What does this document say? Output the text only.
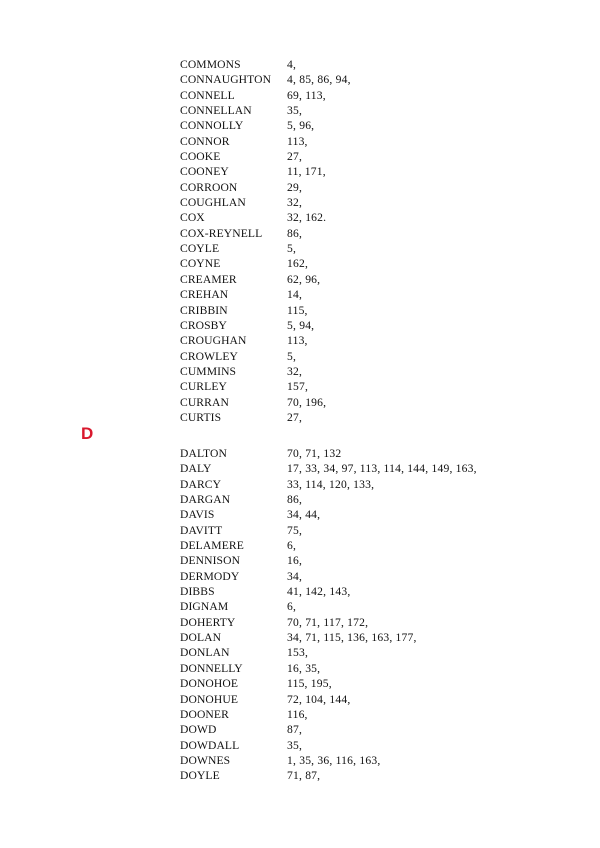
COMMONS	4,
CONNAUGHTON 4, 85, 86, 94,
CONNELL	69, 113,
CONNELLAN	35,
CONNOLLY	5, 96,
CONNOR	113,
COOKE	27,
COONEY	11, 171,
CORROON	29,
COUGHLAN	32,
COX	32, 162.
COX-REYNELL 86,
COYLE	5,
COYNE	162,
CREAMER	62, 96,
CREHAN	14,
CRIBBIN	115,
CROSBY	5, 94,
CROUGHAN	113,
CROWLEY	5,
CUMMINS	32,
CURLEY	157,
CURRAN	70, 196,
CURTIS	27,
D
DALTON	70, 71, 132
DALY	17, 33, 34, 97, 113, 114, 144, 149, 163,
DARCY	33, 114, 120, 133,
DARGAN	86,
DAVIS	34, 44,
DAVITT	75,
DELAMERE	6,
DENNISON	16,
DERMODY	34,
DIBBS	41, 142, 143,
DIGNAM	6,
DOHERTY	70, 71, 117, 172,
DOLAN	34, 71, 115, 136, 163, 177,
DONLAN	153,
DONNELLY	16, 35,
DONOHOE	115, 195,
DONOHUE	72, 104, 144,
DOONER	116,
DOWD	87,
DOWDALL	35,
DOWNES	1, 35, 36, 116, 163,
DOYLE	71, 87,
